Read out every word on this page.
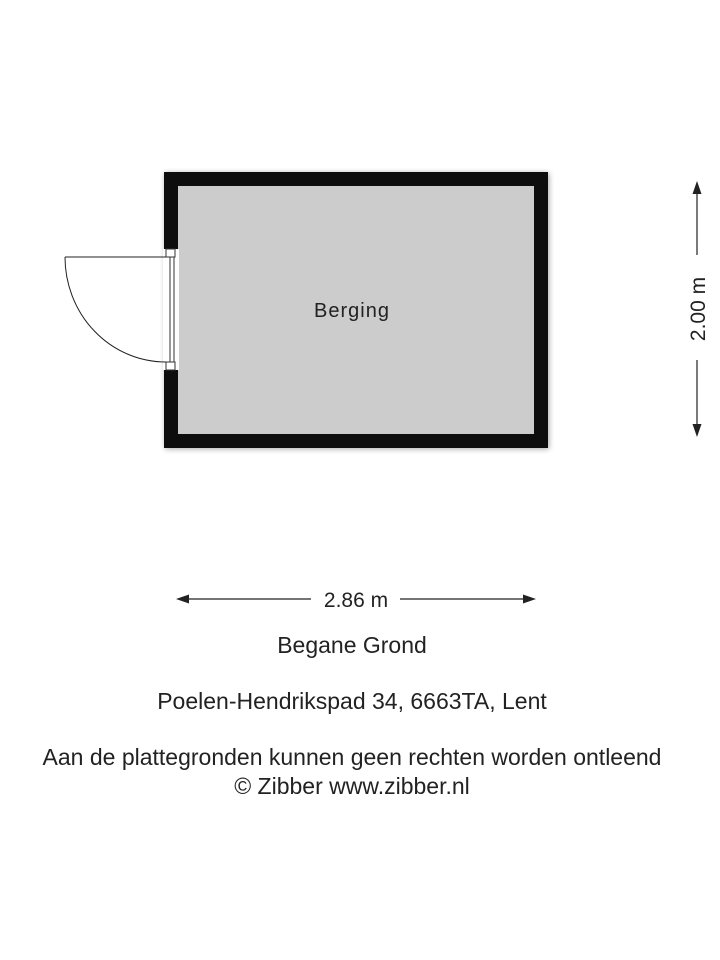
Berging	2.00 m
2.86 m
Begane Grond
Poelen-Hendrikspad 34, 6663TA, Lent
Aan de plattegronden kunnen geen rechten worden ontleend
© Zibber www.zibber.nl
